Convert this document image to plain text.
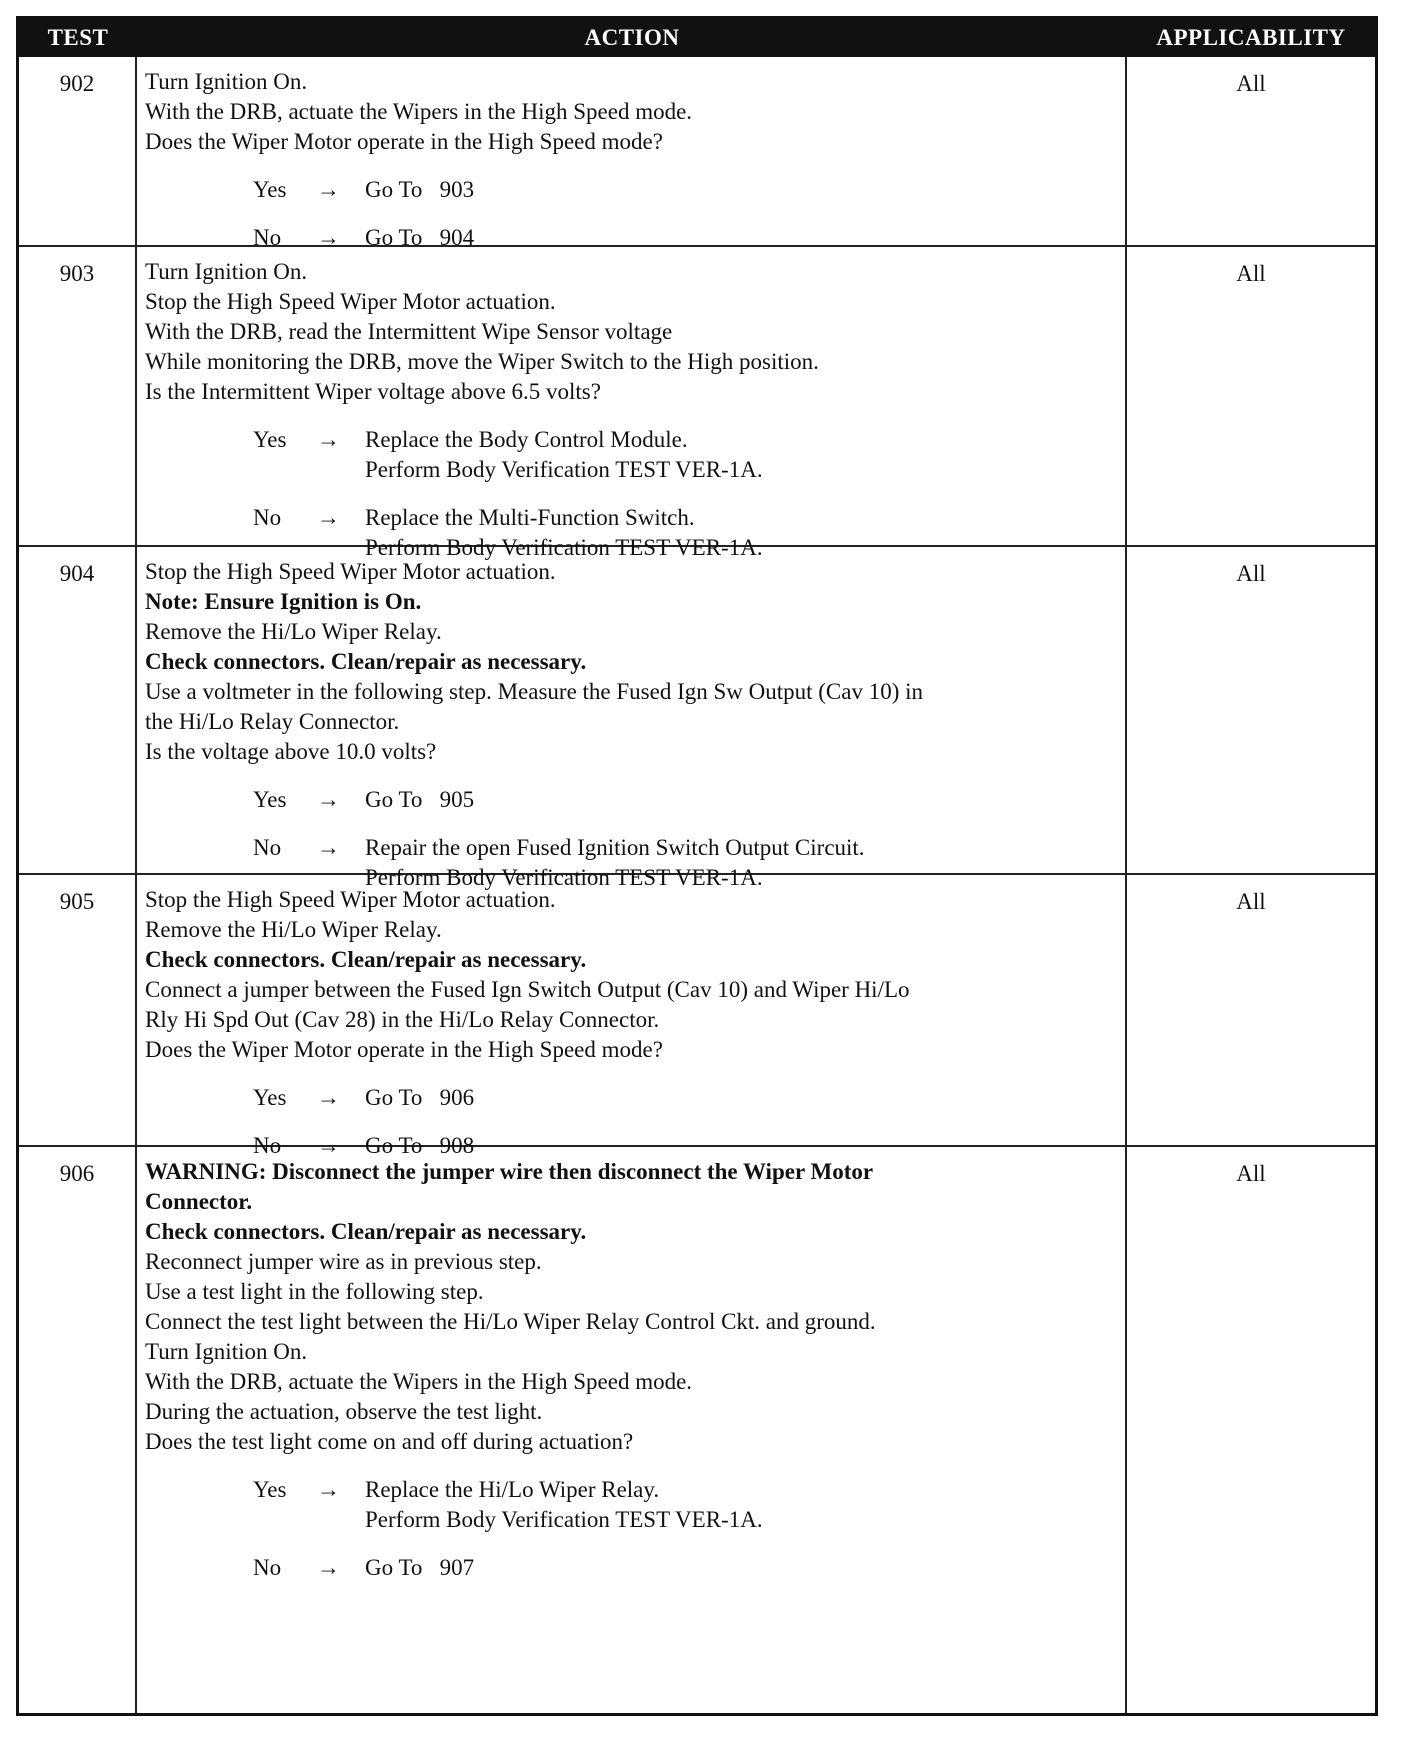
TEST	ACTION	APPLICABILITY
902	Turn Ignition On.
With the DRB, actuate the Wipers in the High Speed mode.
Does the Wiper Motor operate in the High Speed mode?
Yes	→	Go To   903
No	→	Go To   904
All
903	Turn Ignition On.
Stop the High Speed Wiper Motor actuation.
With the DRB, read the Intermittent Wipe Sensor voltage
While monitoring the DRB, move the Wiper Switch to the High position.
Is the Intermittent Wiper voltage above 6.5 volts?
Yes	→	Replace the Body Control Module.
Perform Body Verification TEST VER-1A.
No	→	Replace the Multi-Function Switch.
Perform Body Verification TEST VER-1A.
All
904	Stop the High Speed Wiper Motor actuation.
Note: Ensure Ignition is On.
Remove the Hi/Lo Wiper Relay.
Check connectors. Clean/repair as necessary.
Use a voltmeter in the following step. Measure the Fused Ign Sw Output (Cav 10) in
the Hi/Lo Relay Connector.
Is the voltage above 10.0 volts?
Yes	→	Go To   905
No	→	Repair the open Fused Ignition Switch Output Circuit.
Perform Body Verification TEST VER-1A.
All
905	Stop the High Speed Wiper Motor actuation.
Remove the Hi/Lo Wiper Relay.
Check connectors. Clean/repair as necessary.
Connect a jumper between the Fused Ign Switch Output (Cav 10) and Wiper Hi/Lo
Rly Hi Spd Out (Cav 28) in the Hi/Lo Relay Connector.
Does the Wiper Motor operate in the High Speed mode?
Yes	→	Go To   906
No	→	Go To   908
All
906	WARNING: Disconnect the jumper wire then disconnect the Wiper Motor
Connector.
Check connectors. Clean/repair as necessary.
Reconnect jumper wire as in previous step.
Use a test light in the following step.
Connect the test light between the Hi/Lo Wiper Relay Control Ckt. and ground.
Turn Ignition On.
With the DRB, actuate the Wipers in the High Speed mode.
During the actuation, observe the test light.
Does the test light come on and off during actuation?
Yes	→	Replace the Hi/Lo Wiper Relay.
Perform Body Verification TEST VER-1A.
No	→	Go To   907
All
